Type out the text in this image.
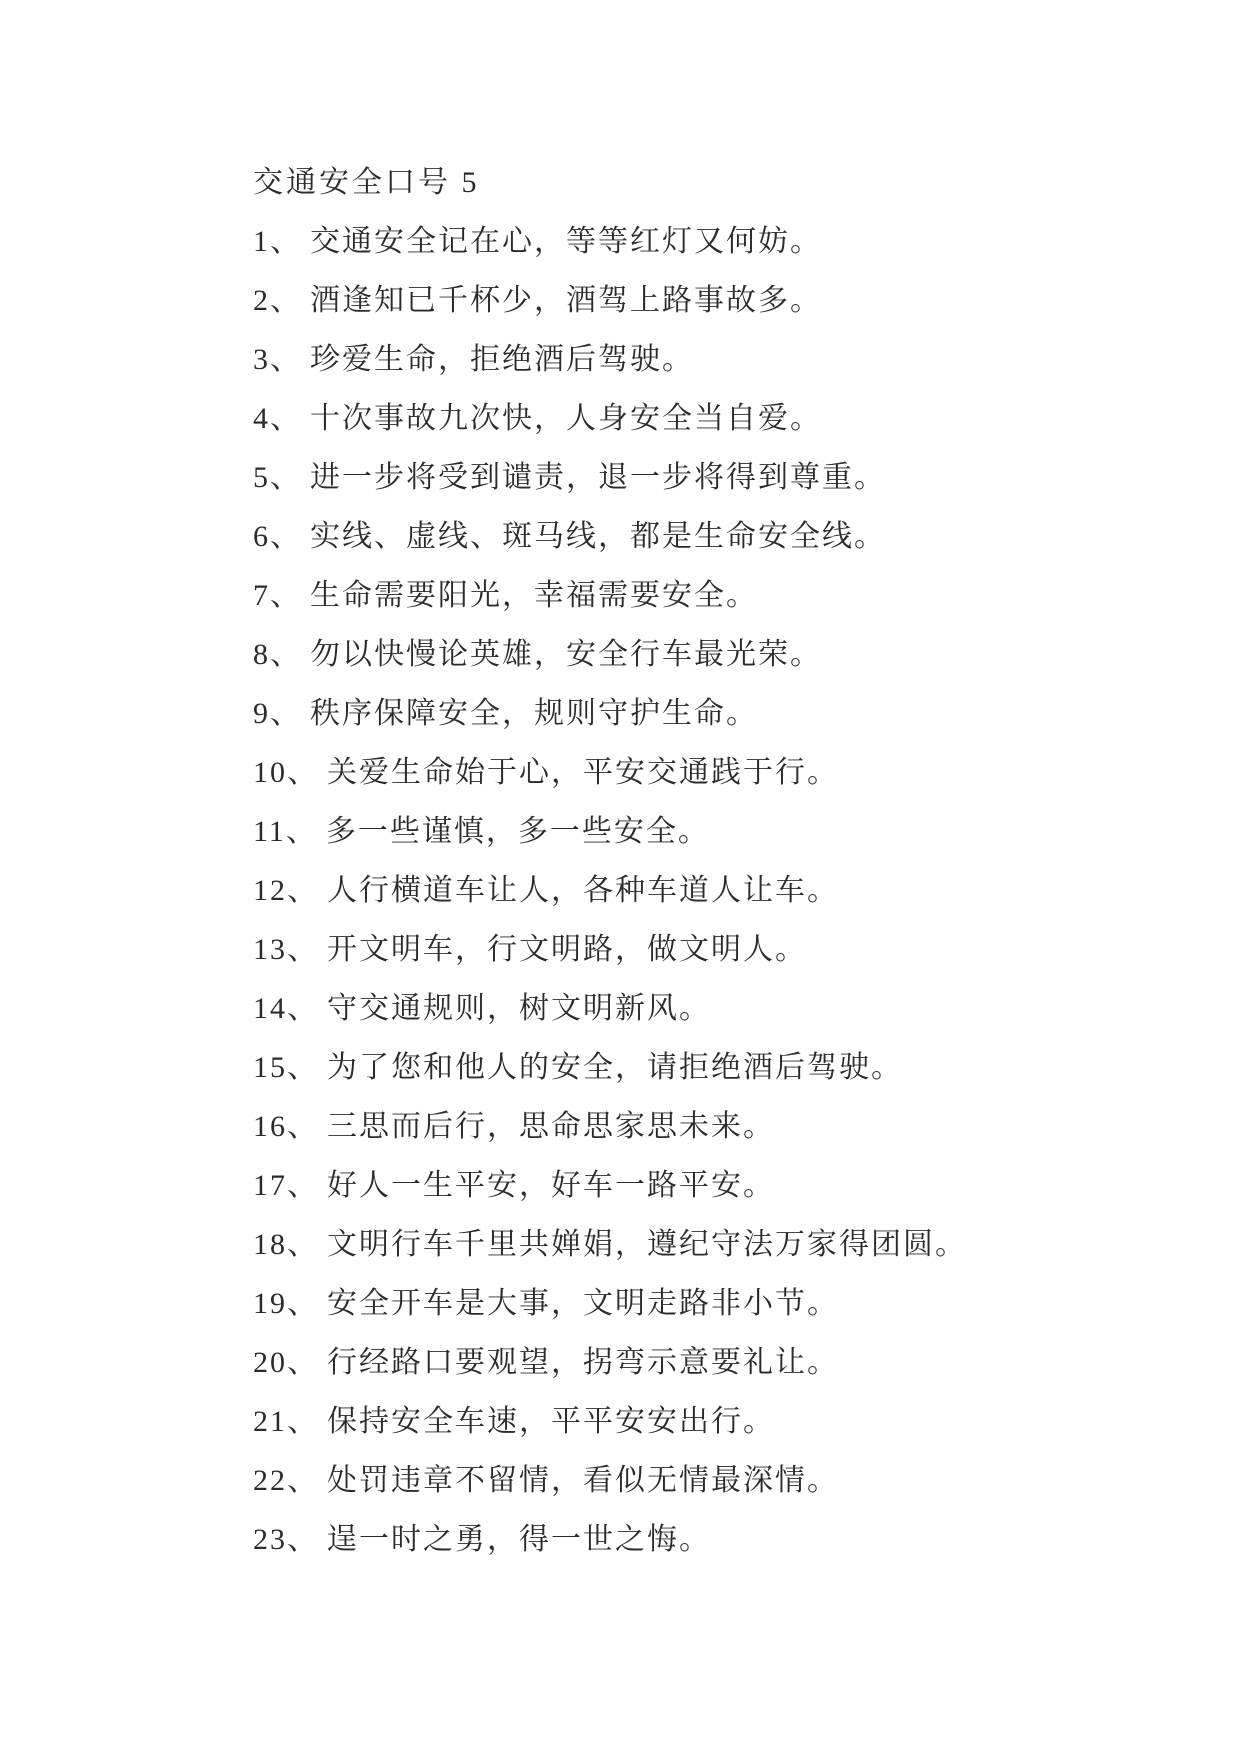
交通安全口号 5

1、 交通安全记在心，等等红灯又何妨。

2、 酒逢知已千杯少，酒驾上路事故多。

3、 珍爱生命，拒绝酒后驾驶。

4、 十次事故九次快，人身安全当自爱。

5、 进一步将受到谴责，退一步将得到尊重。

6、 实线、虚线、斑马线，都是生命安全线。

7、 生命需要阳光，幸福需要安全。

8、 勿以快慢论英雄，安全行车最光荣。

9、 秩序保障安全，规则守护生命。

10、 关爱生命始于心，平安交通践于行。

11、 多一些谨慎，多一些安全。

12、 人行横道车让人，各种车道人让车。

13、 开文明车，行文明路，做文明人。

14、 守交通规则，树文明新风。

15、 为了您和他人的安全，请拒绝酒后驾驶。

16、 三思而后行，思命思家思未来。

17、 好人一生平安，好车一路平安。

18、 文明行车千里共婵娟，遵纪守法万家得团圆。

19、 安全开车是大事，文明走路非小节。

20、 行经路口要观望，拐弯示意要礼让。

21、 保持安全车速，平平安安出行。

22、 处罚违章不留情，看似无情最深情。

23、 逞一时之勇，得一世之悔。
